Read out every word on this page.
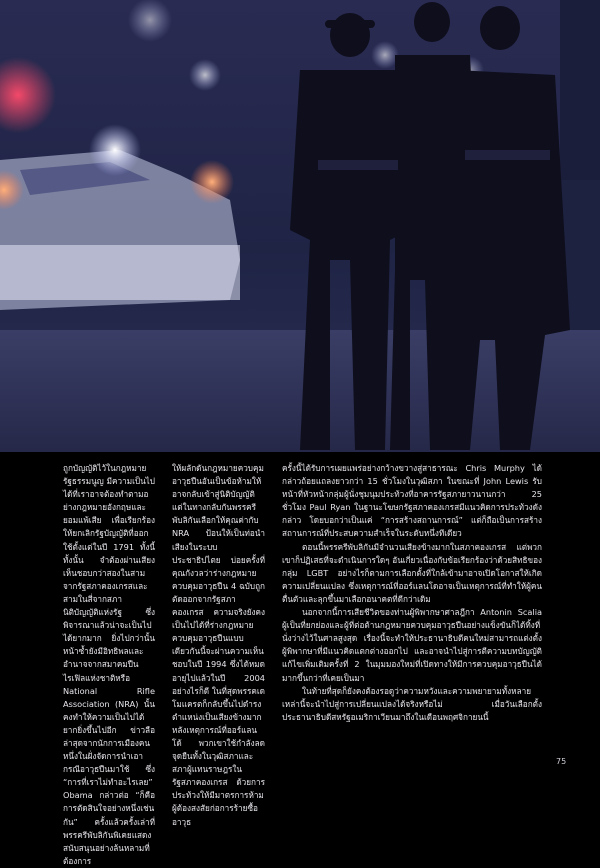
ถูกบัญญัติไว้ในกฎหมายรัฐธรรมนูญ มีความเป็นไปได้ที่เราอาจต้องทำตามอย่างกฎหมายอังกฤษและยอมแพ้เสีย เพื่อเรียกร้องให้ยกเลิกรัฐบัญญัติที่ออกใช้ตั้งแต่ในปี 1791 ทั้งนี้ทั้งนั้น จำต้องผ่านเสียงเห็นชอบกว่าสองในสามจากรัฐสภาคองเกรสและสามในสี่จากสภานิติบัญญัติแห่งรัฐ ซึ่งพิจารณาแล้วน่าจะเป็นไปได้ยากมาก ยิ่งไปกว่านั้น หน้าซ้ำยังมีอิทธิพลและอำนาจจากสมาคมปืนไรเฟิลแห่งชาติหรือ National Rifle Association (NRA) นั้นคงทำให้ความเป็นไปได้ยากยิ่งขึ้นไปอีก ข่าวลือล่าสุดจากนักการเมืองคนหนึ่งในฝั่งจัดการนำเอากรณีอาวุธปืนมาใช้ ซึ่ง “การที่เราไม่ทำอะไรเลย” Obama กล่าวต่อ “ก็คือการตัดสินใจอย่างหนึ่งเช่นกัน” ครั้งแล้วครั้งเล่าที่พรรครีพับลิกันพิเคยแสดงสนับสนุนอย่างล้นหลามที่ต้องการ

ให้ผลักดันกฎหมายควบคุมอาวุธปืนอันเป็นข้อห้ามให้อาจกลับเข้าสู่นิติบัญญัติแต่ในทางกลับกันพรรครีพับลิกันเลือกให้คุณค่ากับ NRA ป้อนให้เป็นท่อนำเสียงในระบบประชาธิปไตย บ่อยครั้งที่คุณกังวลว่าร่างกฎหมายควบคุมอาวุธปืน 4 ฉบับถูกตัดออกจากรัฐสภาคองเกรส ความจริงยังคงเป็นไปได้ที่ร่างกฎหมายควบคุมอาวุธปืนแบบเดียวกันนี้จะผ่านความเห็นชอบในปี 1994 ซึ่งได้หมดอายุไปแล้วในปี 2004 อย่างไรก็ดี ในที่สุดพรรคเดโมแครตก็กลับขึ้นไปดำรงตำแหน่งเป็นเสียงข้างมาก หลังเหตุการณ์ที่ออร์แลนโด้ พวกเขาใช้กำลังลดจุดยืนทั้งในวุฒิสภาและสภาผู้แทนราษฎรในรัฐสภาคองเกรส ด้วยการประท้วงให้มีมาตรการห้ามผู้ต้องสงสัยก่อการร้ายซื้ออาวุธ

ครั้งนี้ได้รับการเผยแพร่อย่างกว้างขวางสู่สาธารณะ Chris Murphy ได้กล่าวถ้อยแถลงยาวกว่า 15 ชั่วโมงในวุฒิสภา ในขณะที่ John Lewis รับหน้าที่หัวหน้ากลุ่มผู้นั่งชุมนุมประท้วงที่อาคารรัฐสภายาวนานกว่า 25 ชั่วโมง Paul Ryan ในฐานะโฆษกรัฐสภาคองเกรสมีแนวคิดการประท้วงดังกล่าว โดยบอกว่าเป็นแค่ “การสร้างสถานการณ์” แต่ก็ถือเป็นการสร้างสถานการณ์ที่ประสบความสำเร็จในระดับหนึ่งทีเดียว

ตอนนี้พรรครีพับลิกันมีจำนวนเสียงข้างมากในสภาคองเกรส แต่พวกเขาก็ปฏิเสธที่จะดำเนินการใดๆ อันเกี่ยวเนื่องกับข้อเรียกร้องว่าด้วยสิทธิของกลุ่ม LGBT อย่างไรก็ตามการเลือกตั้งที่ใกล้เข้ามาอาจเปิดโอกาสให้เกิดความเปลี่ยนแปลง ซึ่งเหตุการณ์ที่ออร์แลนโดอาจเป็นเหตุการณ์ที่ทำให้ผู้คนตื่นตัวและลุกขึ้นมาเลือกอนาคตที่ดีกว่าเดิม

นอกจากนี้การเสียชีวิตของท่านผู้พิพากษาศาลฎีกา Antonin Scalia ผู้เป็นที่ยกย่องและผู้ที่ต่อต้านกฎหมายควบคุมอาวุธปืนอย่างแข็งขันก็ได้ทิ้งที่นั่งว่างไว้ในศาลสูงสุด เรื่องนี้จะทำให้ประธานาธิบดีคนใหม่สามารถแต่งตั้งผู้พิพากษาที่มีแนวคิดแตกต่างออกไป และอาจนำไปสู่การตีความบทบัญญัติแก้ไขเพิ่มเติมครั้งที่ 2 ในมุมมองใหม่ที่เปิดทางให้มีการควบคุมอาวุธปืนได้มากขึ้นกว่าที่เคยเป็นมา

ในท้ายที่สุดก็ยังคงต้องรอดูว่าความหวังและความพยายามทั้งหลายเหล่านี้จะนำไปสู่การเปลี่ยนแปลงได้จริงหรือไม่ เมื่อวันเลือกตั้งประธานาธิบดีสหรัฐอเมริกาเวียนมาถึงในเดือนพฤศจิกายนนี้

75
